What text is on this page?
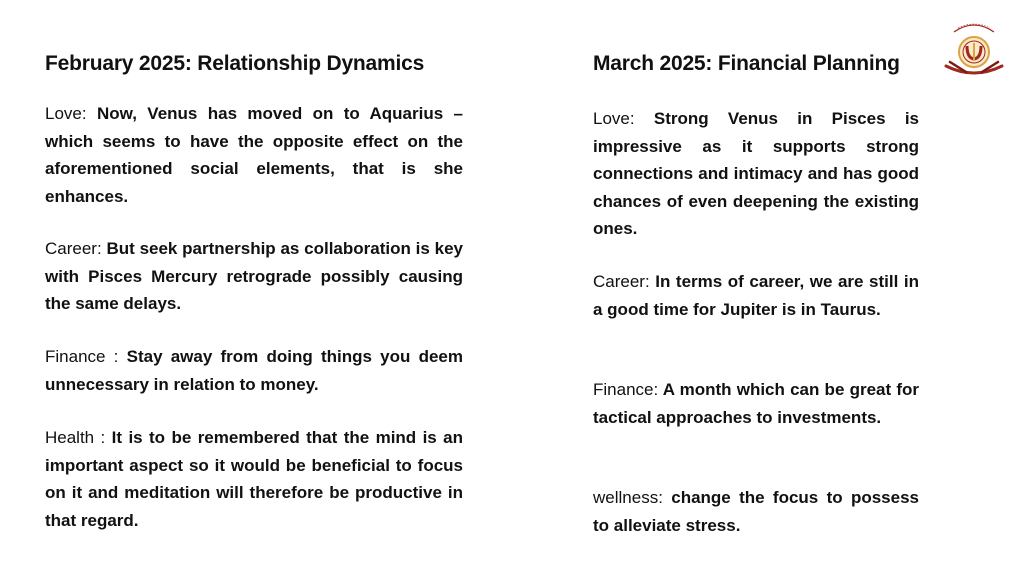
February 2025: Relationship Dynamics
Love: Now, Venus has moved on to Aquarius – which seems to have the opposite effect on the aforementioned social elements, that is she enhances.
Career: But seek partnership as collaboration is key with Pisces Mercury retrograde possibly causing the same delays.
Finance : Stay away from doing things you deem unnecessary in relation to money.
Health : It is to be remembered that the mind is an important aspect so it would be beneficial to focus on it and meditation will therefore be productive in that regard.
March 2025: Financial Planning
Love: Strong Venus in Pisces is impressive as it supports strong connections and intimacy and has good chances of even deepening the existing ones.
Career: In terms of career, we are still in a good time for Jupiter is in Taurus.
Finance: A month which can be great for tactical approaches to investments.
wellness: change the focus to possess to alleviate stress.
